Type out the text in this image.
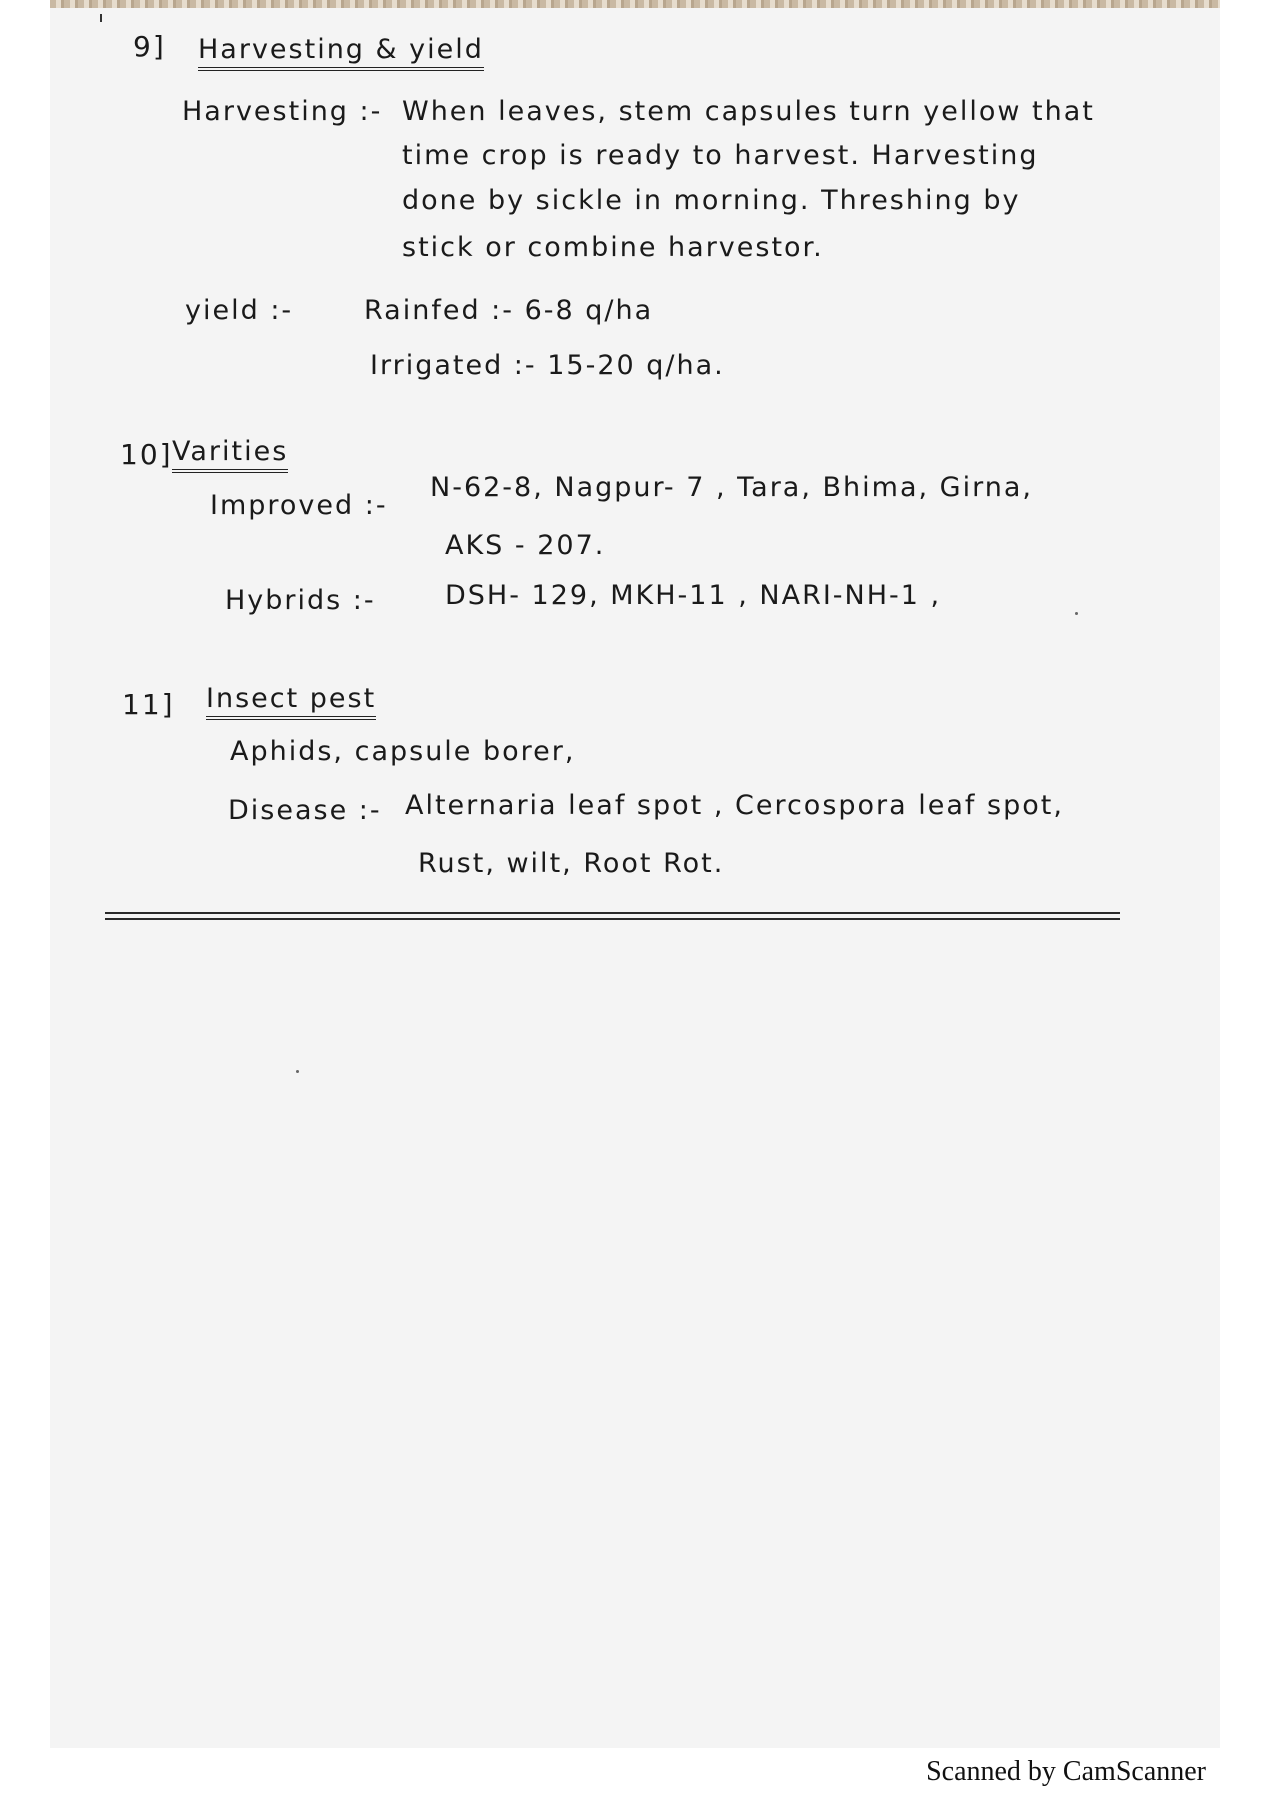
9] Harvesting & yield
Harvesting :- When leaves, stem capsules turn yellow that
time crop is ready to harvest. Harvesting
done by sickle in morning. Threshing by
stick or combine harvestor.
yield :-	Rainfed :- 6-8 q/ha
Irrigated :- 15-20 q/ha.
10] Varities
Improved :-
N-62-8, Nagpur- 7 , Tara, Bhima, Girna,
AKS - 207.
Hybrids :-	DSH- 129, MKH-11 , NARI-NH-1 ,
11] Insect pest
Aphids, capsule borer,
Disease :- Alternaria leaf spot , Cercospora leaf spot,
Rust, wilt, Root Rot.
Scanned by CamScanner
